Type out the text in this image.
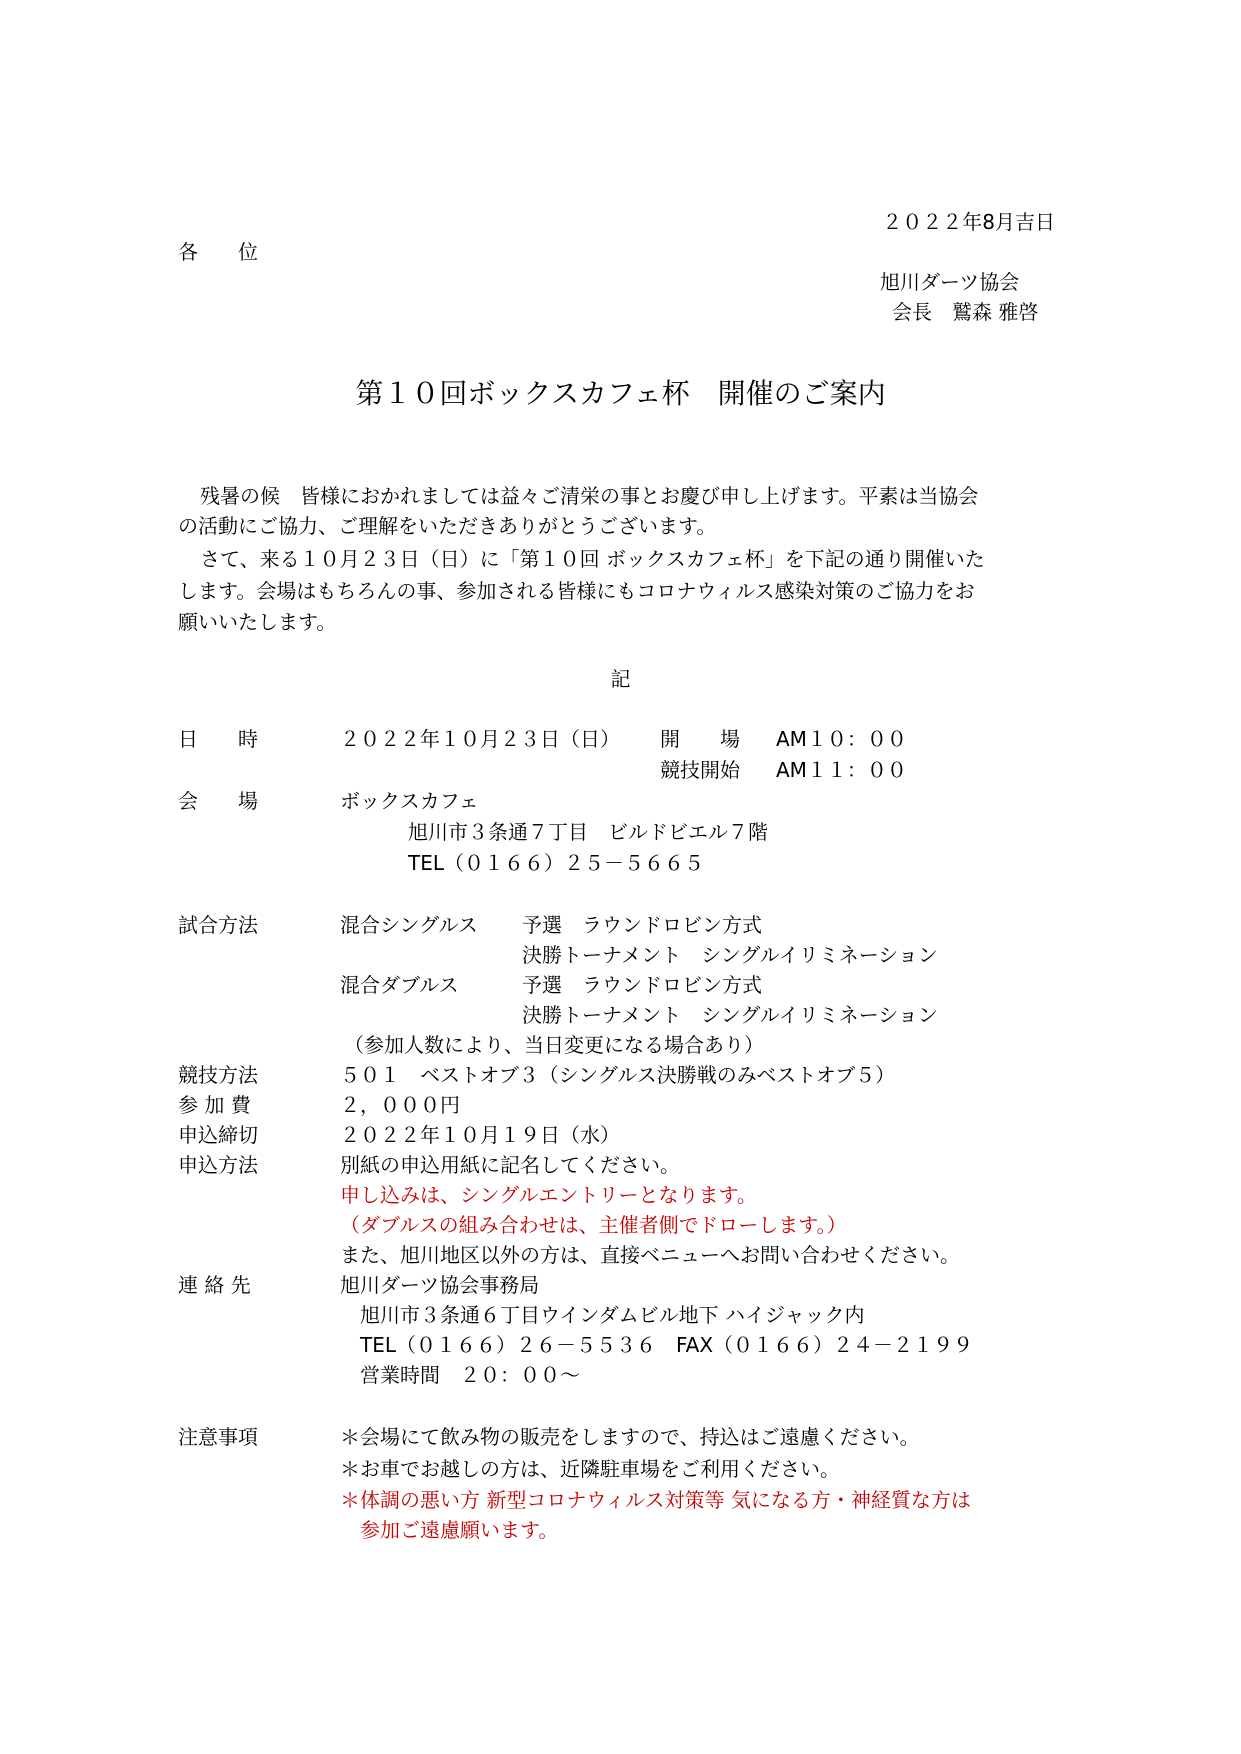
２０２２年8月吉日
各　　位
旭川ダーツ協会
会長　鷲森 雅啓
第１０回ボックスカフェ杯　開催のご案内
残暑の候　皆様におかれましては益々ご清栄の事とお慶び申し上げます。平素は当協会
の活動にご協力、ご理解をいただきありがとうございます。
さて、来る１０月２３日（日）に「第１０回 ボックスカフェ杯」を下記の通り開催いた
します。会場はもちろんの事、参加される皆様にもコロナウィルス感染対策のご協力をお
願いいたします。
記
日　　時	２０２２年１０月２３日（日） 開　　場 AM１０：００
競技開始 AM１１：００
会　　場	ボックスカフェ
旭川市３条通７丁目　ビルドビエル７階
TEL（０１６６）２５－５６６５
試合方法	混合シングルス 予選　ラウンドロビン方式
決勝トーナメント　シングルイリミネーション
混合ダブルス	予選　ラウンドロビン方式
決勝トーナメント　シングルイリミネーション
（参加人数により、当日変更になる場合あり）
競技方法	５０１　ベストオブ３（シングルス決勝戦のみベストオブ５）
参 加 費	２，０００円
申込締切	２０２２年１０月１９日（水）
申込方法	別紙の申込用紙に記名してください。
申し込みは、シングルエントリーとなります。
（ダブルスの組み合わせは、主催者側でドローします。）
また、旭川地区以外の方は、直接ベニューへお問い合わせください。
連 絡 先	旭川ダーツ協会事務局
旭川市３条通６丁目ウインダムビル地下 ハイジャック内
TEL（０１６６）２６－５５３６　FAX（０１６６）２４－２１９９
営業時間　２０：００～
注意事項	＊会場にて飲み物の販売をしますので、持込はご遠慮ください。
＊お車でお越しの方は、近隣駐車場をご利用ください。
＊体調の悪い方 新型コロナウィルス対策等 気になる方・神経質な方は
参加ご遠慮願います。
